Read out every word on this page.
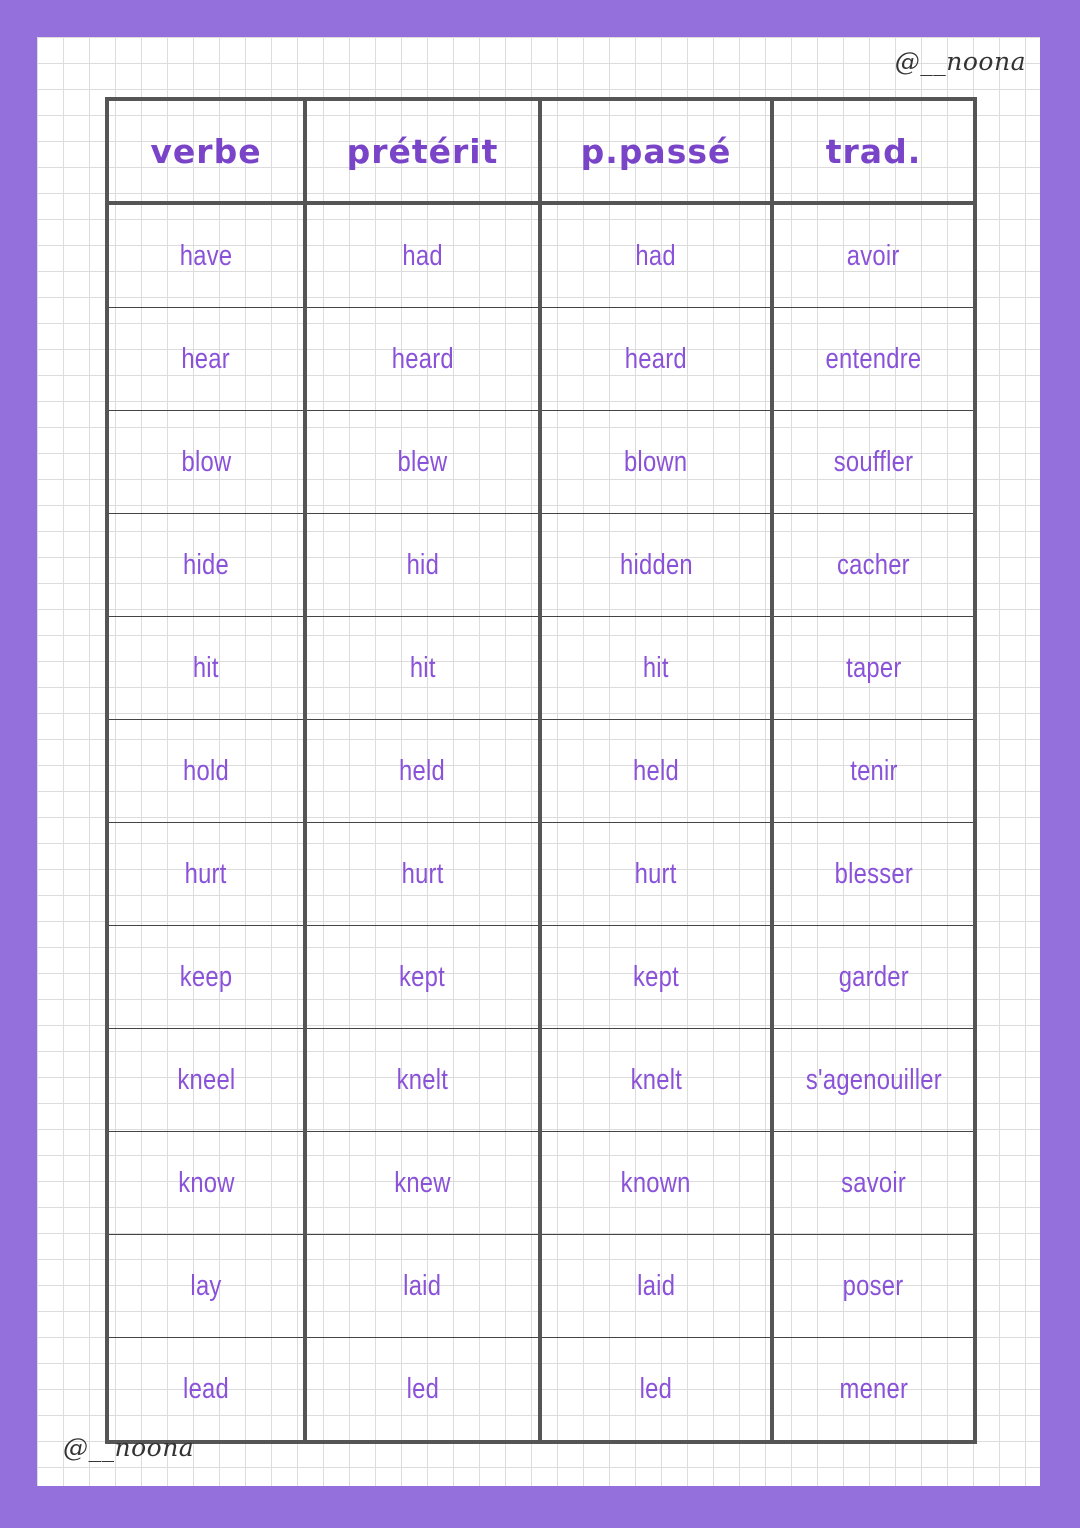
@__noona
verbe	prétérit	p.passé	trad.
have	had	had	avoir
hear	heard	heard	entendre
blow	blew	blown	souffler
hide	hid	hidden	cacher
hit	hit	hit	taper
hold	held	held	tenir
hurt	hurt	hurt	blesser
keep	kept	kept	garder
kneel	knelt	knelt	s'agenouiller
know	knew	known	savoir
lay	laid	laid	poser
lead	led	led	mener
@__noona
